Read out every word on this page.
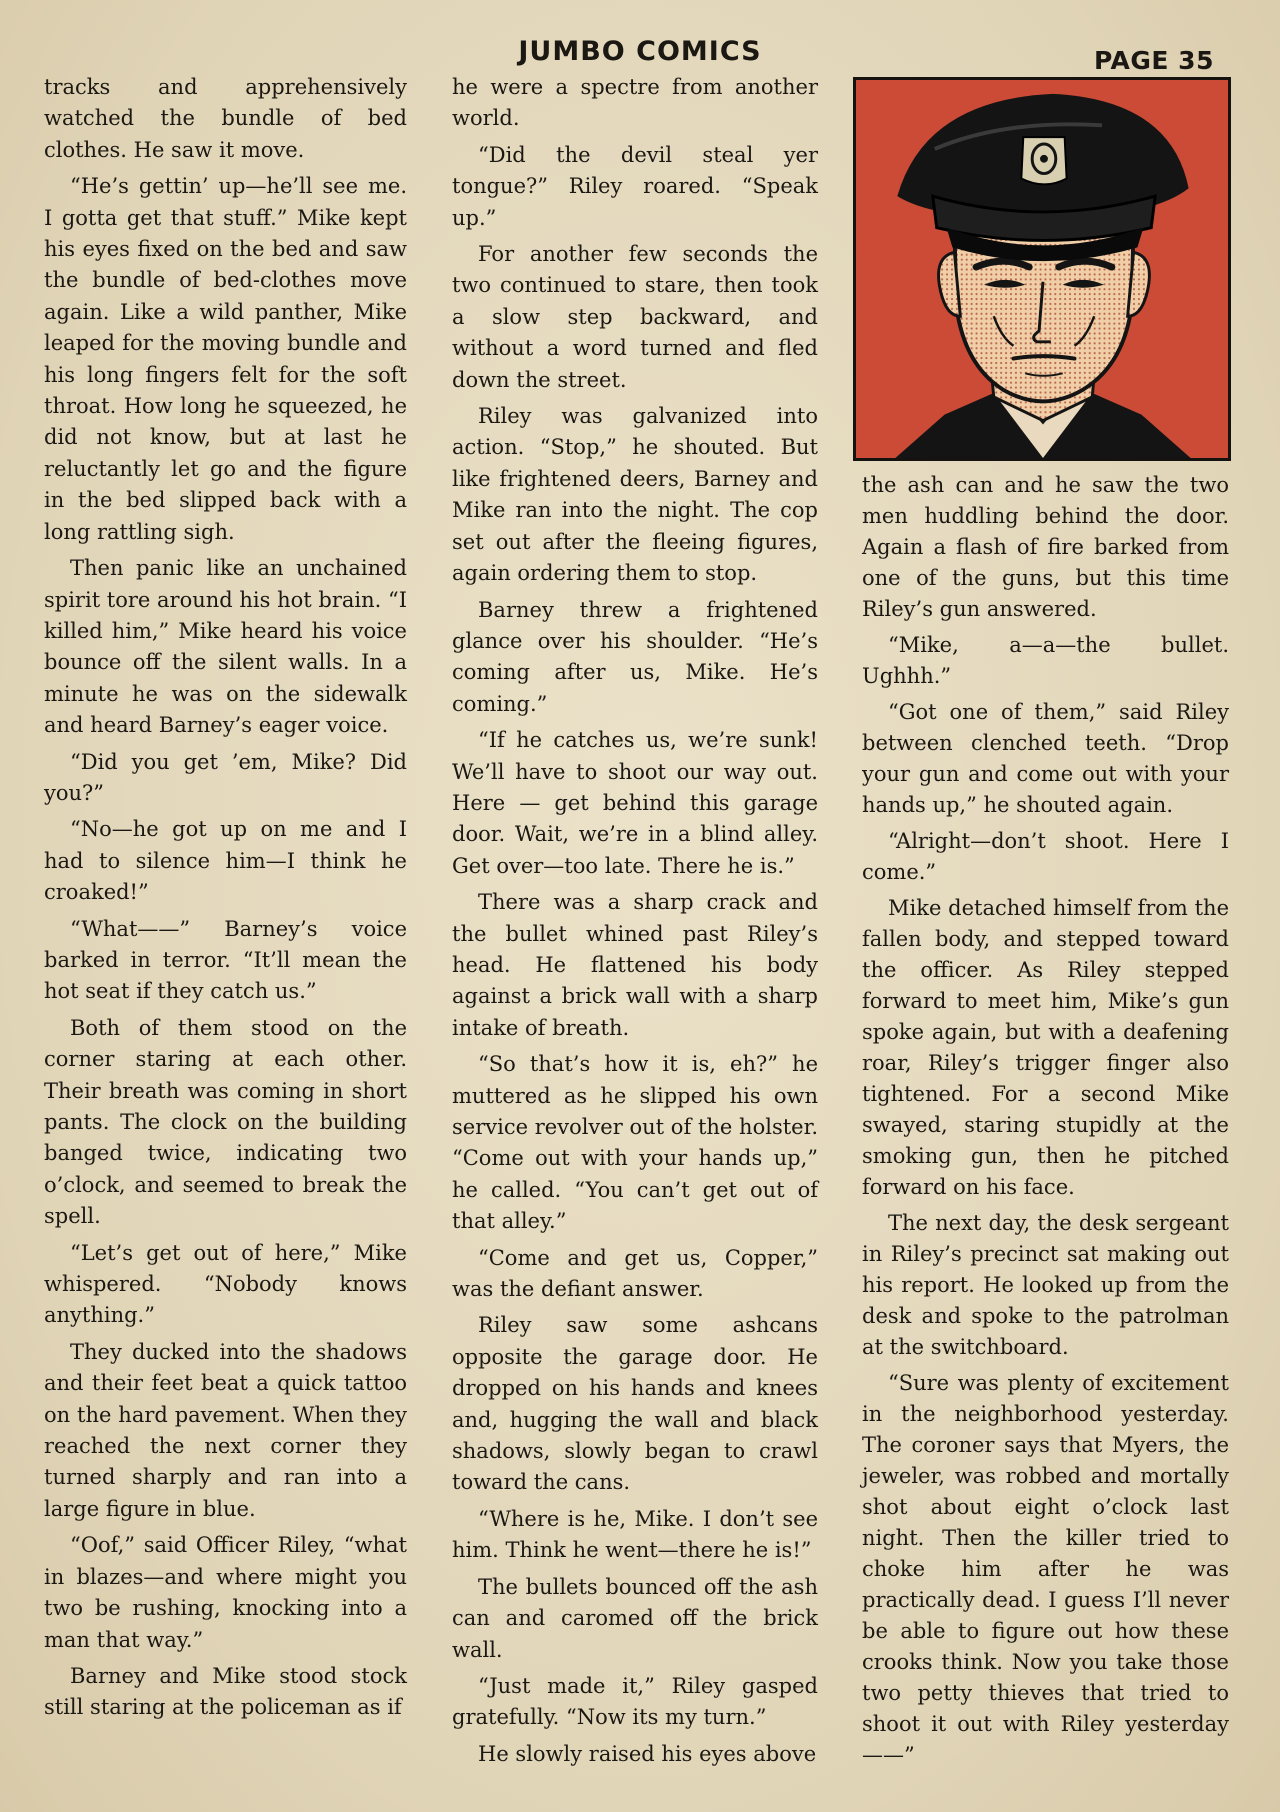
JUMBO COMICS	PAGE 35

tracks and apprehensively watched the bundle of bed clothes. He saw it move.

“He’s gettin’ up—he’ll see me. I gotta get that stuff.” Mike kept his eyes fixed on the bed and saw the bundle of bed-clothes move again. Like a wild panther, Mike leaped for the moving bundle and his long fingers felt for the soft throat. How long he squeezed, he did not know, but at last he reluctantly let go and the figure in the bed slipped back with a long rattling sigh.

Then panic like an unchained spirit tore around his hot brain. “I killed him,” Mike heard his voice bounce off the silent walls. In a minute he was on the sidewalk and heard Barney’s eager voice.

“Did you get ’em, Mike? Did you?”

“No—he got up on me and I had to silence him—I think he croaked!”

“What——” Barney’s voice barked in terror. “It’ll mean the hot seat if they catch us.”

Both of them stood on the corner staring at each other. Their breath was coming in short pants. The clock on the building banged twice, indicating two o’clock, and seemed to break the spell.

“Let’s get out of here,” Mike whispered. “Nobody knows anything.”

They ducked into the shadows and their feet beat a quick tattoo on the hard pavement. When they reached the next corner they turned sharply and ran into a large figure in blue.

“Oof,” said Officer Riley, “what in blazes—and where might you two be rushing, knocking into a man that way.”

Barney and Mike stood stock still staring at the policeman as if

he were a spectre from another world.

“Did the devil steal yer tongue?” Riley roared. “Speak up.”

For another few seconds the two continued to stare, then took a slow step backward, and without a word turned and fled down the street.

Riley was galvanized into action. “Stop,” he shouted. But like frightened deers, Barney and Mike ran into the night. The cop set out after the fleeing figures, again ordering them to stop.

Barney threw a frightened glance over his shoulder. “He’s coming after us, Mike. He’s coming.”

“If he catches us, we’re sunk! We’ll have to shoot our way out. Here — get behind this garage door. Wait, we’re in a blind alley. Get over—too late. There he is.”

There was a sharp crack and the bullet whined past Riley’s head. He flattened his body against a brick wall with a sharp intake of breath.

“So that’s how it is, eh?” he muttered as he slipped his own service revolver out of the holster. “Come out with your hands up,” he called. “You can’t get out of that alley.”

“Come and get us, Copper,” was the defiant answer.

Riley saw some ashcans opposite the garage door. He dropped on his hands and knees and, hugging the wall and black shadows, slowly began to crawl toward the cans.

“Where is he, Mike. I don’t see him. Think he went—there he is!”

The bullets bounced off the ash can and caromed off the brick wall.

“Just made it,” Riley gasped gratefully. “Now its my turn.”

He slowly raised his eyes above

the ash can and he saw the two men huddling behind the door. Again a flash of fire barked from one of the guns, but this time Riley’s gun answered.

“Mike, a—a—the bullet. Ughhh.”

“Got one of them,” said Riley between clenched teeth. “Drop your gun and come out with your hands up,” he shouted again.

“Alright—don’t shoot. Here I come.”

Mike detached himself from the fallen body, and stepped toward the officer. As Riley stepped forward to meet him, Mike’s gun spoke again, but with a deafening roar, Riley’s trigger finger also tightened. For a second Mike swayed, staring stupidly at the smoking gun, then he pitched forward on his face.

The next day, the desk sergeant in Riley’s precinct sat making out his report. He looked up from the desk and spoke to the patrolman at the switchboard.

“Sure was plenty of excitement in the neighborhood yesterday. The coroner says that Myers, the jeweler, was robbed and mortally shot about eight o’clock last night. Then the killer tried to choke him after he was practically dead. I guess I’ll never be able to figure out how these crooks think. Now you take those two petty thieves that tried to shoot it out with Riley yesterday——”
